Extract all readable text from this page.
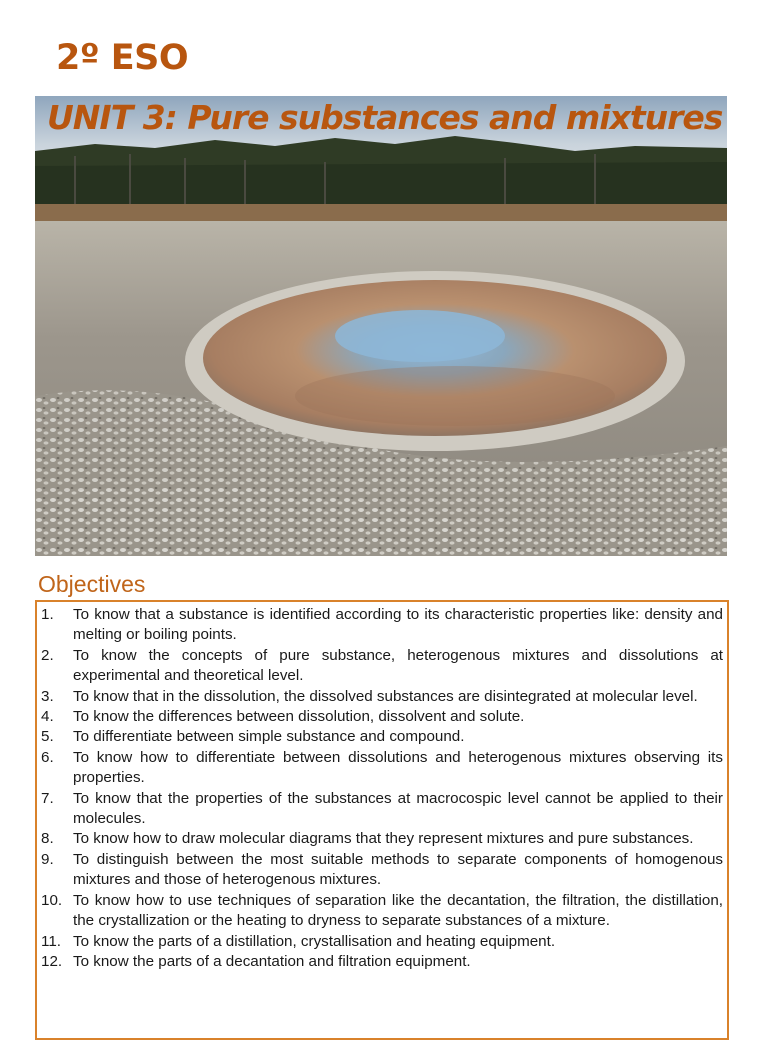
2º ESO
UNIT 3: Pure substances and mixtures
Objectives
1.	To know that a substance is identified according to its characteristic properties like: density and melting or boiling points.
2.	To know the concepts of pure substance, heterogenous mixtures and dissolutions at experimental and theoretical level.
3.	To know that in the dissolution, the dissolved substances are disintegrated at molecular level.
4.	To know the differences between dissolution, dissolvent and solute.
5.	To differentiate between simple substance and compound.
6.	To know how to differentiate between dissolutions and heterogenous mixtures observing its properties.
7.	To know that the properties of the substances at macrocospic level cannot be applied to their molecules.
8.	To know how to draw molecular diagrams that they represent mixtures and pure substances.
9.	To distinguish between the most suitable methods to separate components of homogenous mixtures and those of heterogenous mixtures.
10. To know how to use techniques of separation like the decantation, the filtration, the distillation, the crystallization or the heating to dryness to separate substances of a mixture.
11. To know the parts of a distillation, crystallisation and heating equipment.
12. To know the parts of a decantation and filtration equipment.
